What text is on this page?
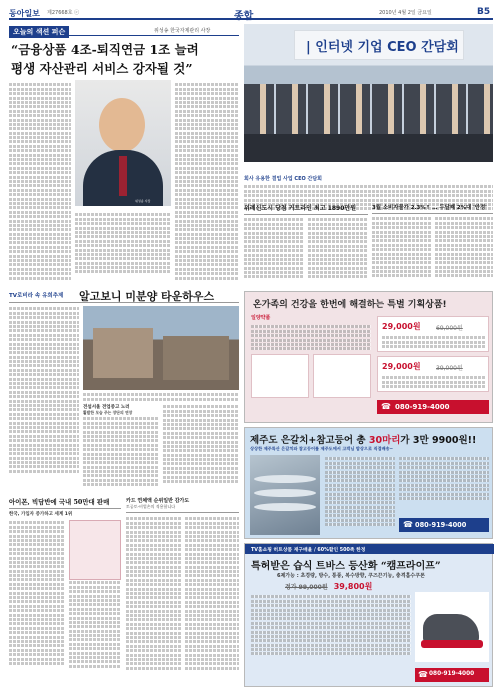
동아일보 제27668호 ⓒ	종합	2010년 4월 2일 금요일	B5
오늘의 색션 퍼슨	위성송 한국자제관리 사장
“금융상품 4조-퇴직연금 1조 늘려
평생 자산관리 서비스 강자될 것”
위성송 사장
| 인터넷 기업 CEO 간담회
회사 유용한 결업 사업 CEO 간담회
위례신도시 당첨 커트라인 최고 1890만원	3월 소비자물가 2.3%↑ … 두달째 2%대 '안정'
TV로비라 속 유희추제 알고보니 미분양 타운하우스
전섭서울 전업중고 노러
활발한 모습 주는 장단의 연장
아이폰, 빅담반에 국내 50만대 판매
한국, 가입자 증가하고 세계 1위
카드 연체액 순위일반 감가도
토공토-비업손의 적용합니다
온가족의 건강을 한번에 해결하는 특별 기획상품!
일양약품
29,000원	69,000원
29,000원	39,000원
☎ 080-919-4000
제주도 은갈치+참고등어 총 30마리가 3만 9900원!!
상상한 제주특산 은갈치와 참고등어를 제주도에서 고객님 밥상으로 직접배송~
☎ 080-919-4000
TV홈쇼핑 히트상품 재구매율 / 60%할인 500족 한정
특허받은 습식 트바스 등산화 “캠프라이프”
6제가능 : 초경량, 방수, 통풍, 복수방향, 쿠즈끈기능, 충격흡수쿠폰
정가 99,000원 39,800원
☎ 080-919-4000
